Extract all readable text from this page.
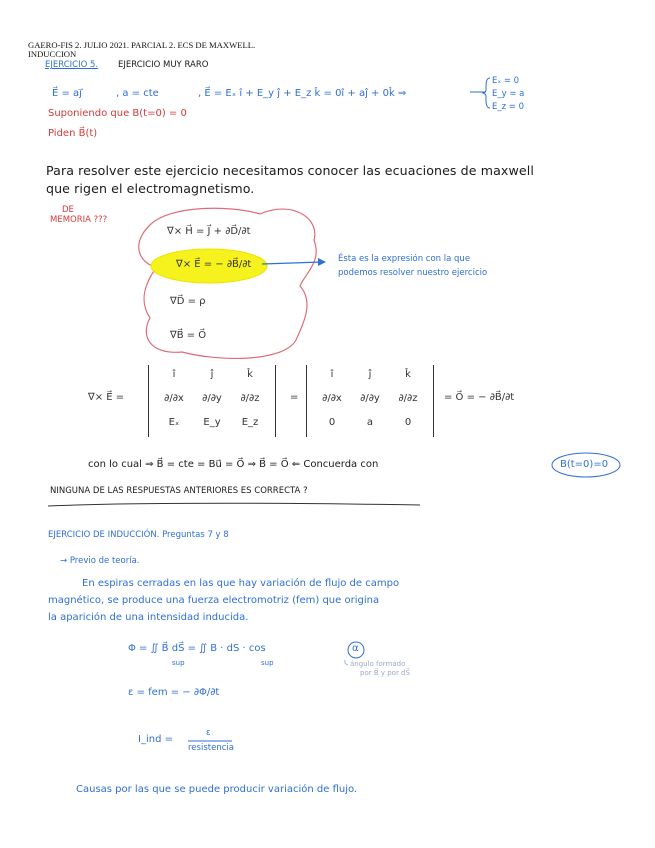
GAERO-FIS 2. JULIO 2021. PARCIAL 2. ECS DE MAXWELL.
INDUCCION
EJERCICIO 5. EJERCICIO MUY RARO
E⃗ = aj⃗	, a = cte	, E⃗ = Eₓ î + E_y ĵ + E_z k̂ = 0î + aĵ + 0k̂ ⇒
Eₓ = 0
E_y = a
E_z = 0
Suponiendo que B(t=0) = 0
Piden B⃗(t)
Para resolver este ejercicio necesitamos conocer las ecuaciones de maxwell
que rigen el electromagnetismo.
DE
MEMORIA ???
∇× H⃗ = J⃗ + ∂D⃗/∂t
∇× E⃗ = − ∂B⃗/∂t
∇D⃗ = ρ
∇B⃗ = O⃗
Ésta es la expresión con la que
podemos resolver nuestro ejercicio
∇× E⃗ =
î	ĵ	k̂
∂/∂x	∂/∂y	∂/∂z
Eₓ	E_y	E_z
=
î	ĵ	k̂
∂/∂x	∂/∂y	∂/∂z
0	a	0
= O⃗ = − ∂B⃗/∂t
con lo cual ⇒ B⃗ = cte = Bu⃗ = O⃗ ⇒ B⃗ = O⃗ ⇐ Concuerda con	B(t=0)=0
NINGUNA DE LAS RESPUESTAS ANTERIORES ES CORRECTA ?
EJERCICIO DE INDUCCIÓN. Preguntas 7 y 8
→ Previo de teoría.
En espiras cerradas en las que hay variación de flujo de campo
magnético, se produce una fuerza electromotriz (fem) que origina
la aparición de una intensidad inducida.
Φ = ∬ B⃗ dS⃗ = ∬ B · dS · cos	α
sup	sup	ángulo formado
por B⃗ y por dS⃗
ε = fem = − ∂Φ/∂t
I_ind =
ε
resistencia
Causas por las que se puede producir variación de flujo.
